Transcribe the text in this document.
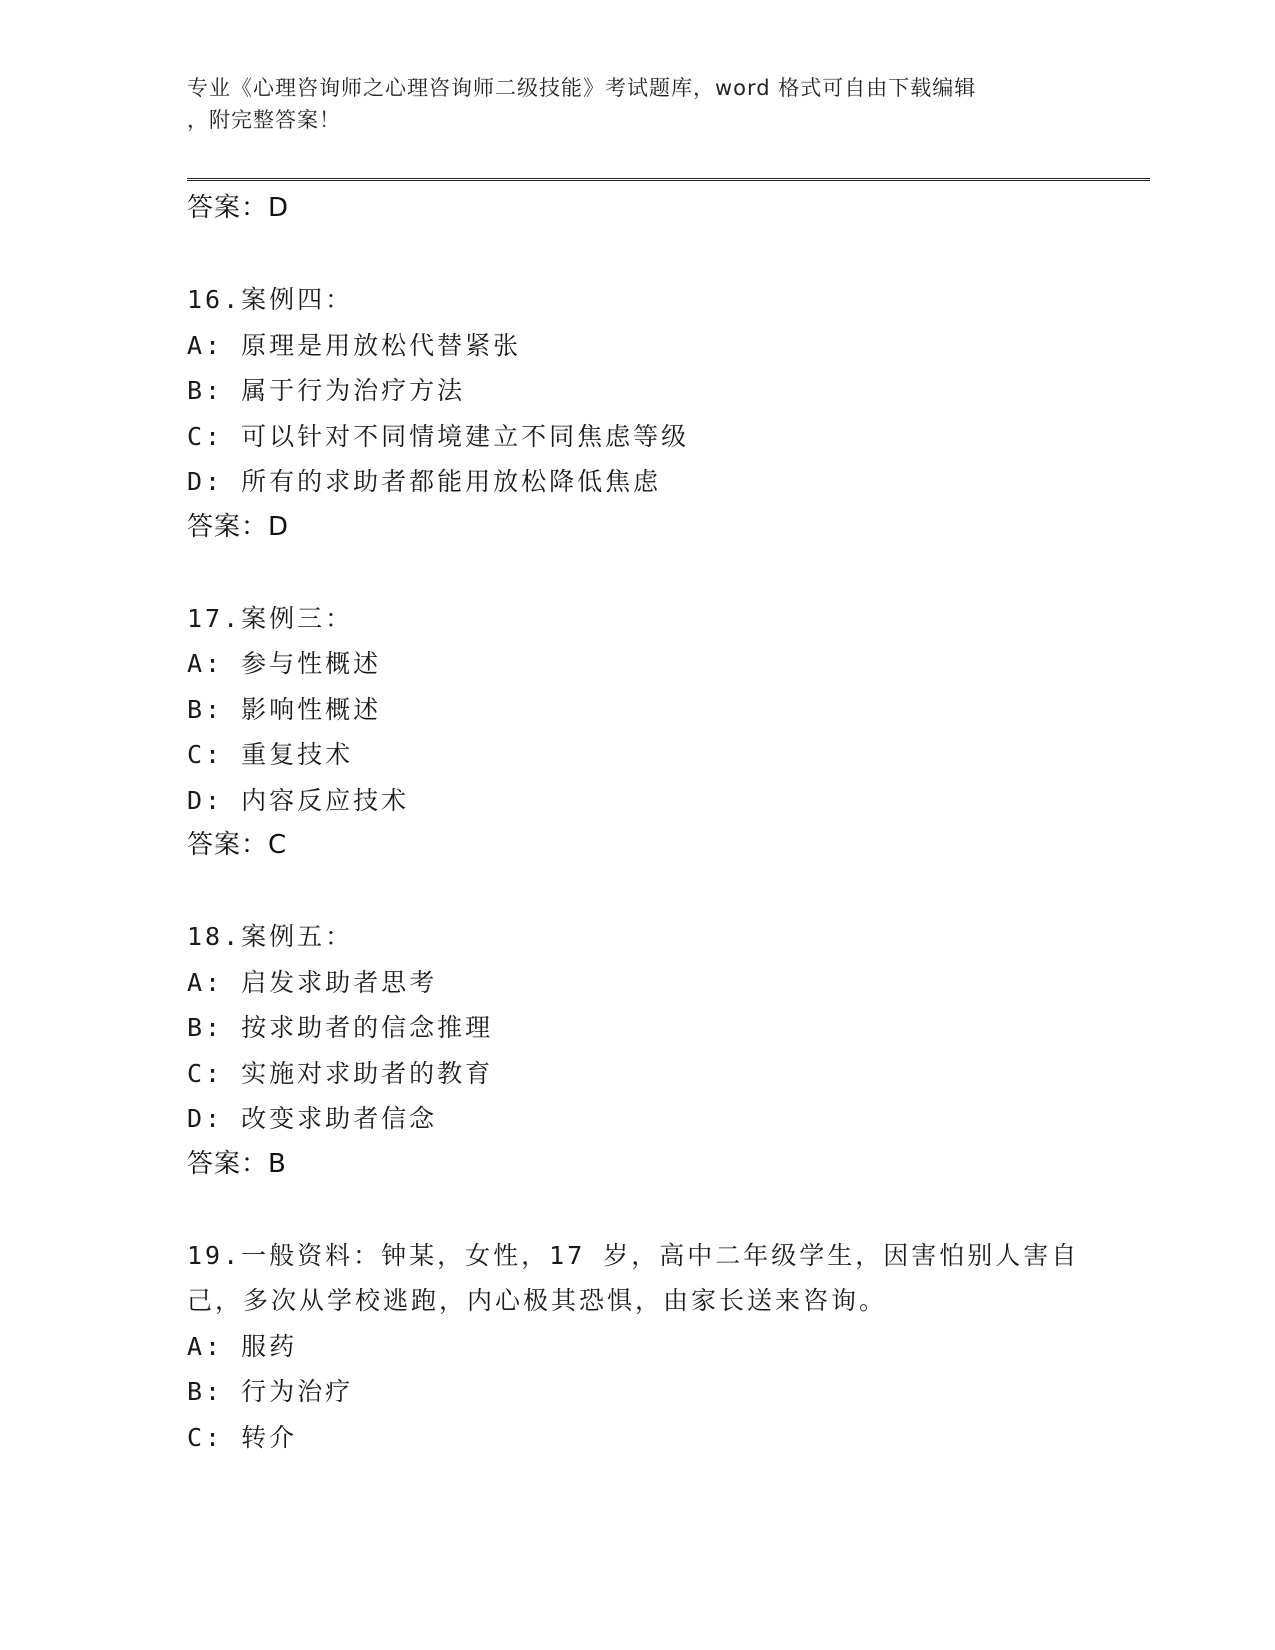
专业《心理咨询师之心理咨询师二级技能》考试题库，word 格式可自由下载编辑
，附完整答案！
答案：D
16.案例四：
A: 原理是用放松代替紧张
B: 属于行为治疗方法
C: 可以针对不同情境建立不同焦虑等级
D: 所有的求助者都能用放松降低焦虑
答案：D
17.案例三：
A: 参与性概述
B: 影响性概述
C: 重复技术
D: 内容反应技术
答案：C
18.案例五：
A: 启发求助者思考
B: 按求助者的信念推理
C: 实施对求助者的教育
D: 改变求助者信念
答案：B
19.一般资料：钟某，女性，17 岁，高中二年级学生，因害怕别人害自
己，多次从学校逃跑，内心极其恐惧，由家长送来咨询。
A: 服药
B: 行为治疗
C: 转介
